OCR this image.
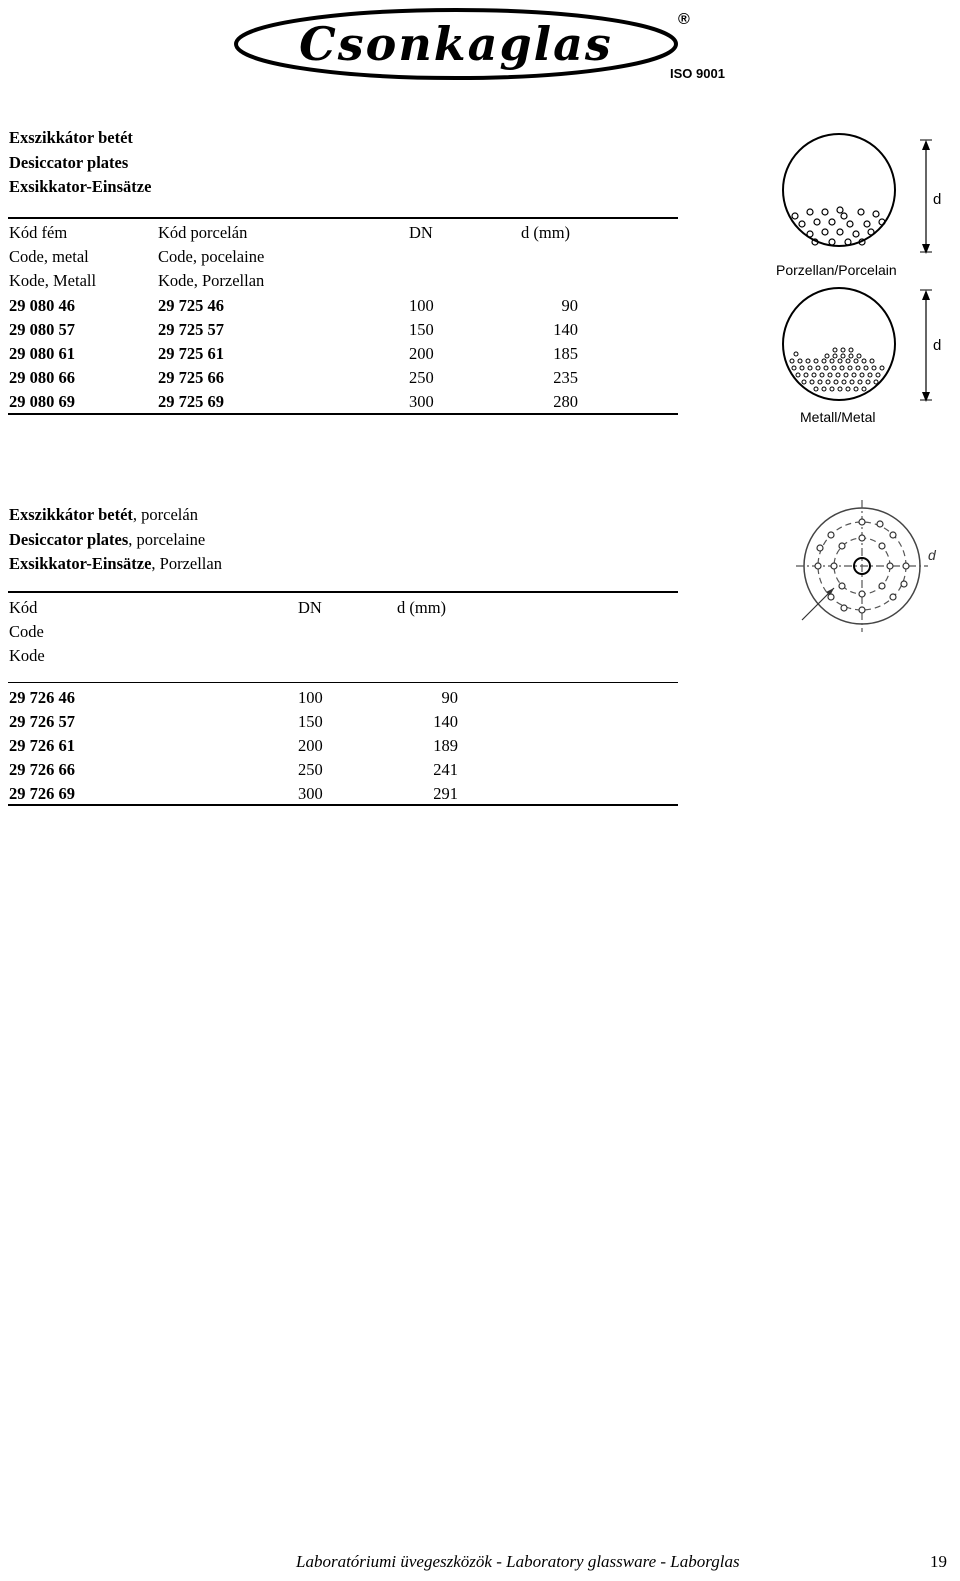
Csonkaglas	®
ISO 9001
Exszikkátor betét
Desiccator plates
Exsikkator-Einsätze
Kód fém
Code, metal
Kode, Metall
Kód porcelán
Code, pocelaine
Kode, Porzellan
DN	d (mm)
29 080 46	29 725 46	100	90
29 080 57	29 725 57	150	140
29 080 61	29 725 61	200	185
29 080 66	29 725 66	250	235
29 080 69	29 725 69	300	280
d
Porzellan/Porcelain
d
Metall/Metal
Exszikkátor betét, porcelán
Desiccator plates, porcelaine
Exsikkator-Einsätze, Porzellan
Kód
Code
Kode
DN	d (mm)
29 726 46	100	90
29 726 57	150	140
29 726 61	200	189
29 726 66	250	241
29 726 69	300	291
d
Laboratóriumi üvegeszközök - Laboratory glassware - Laborglas	19
